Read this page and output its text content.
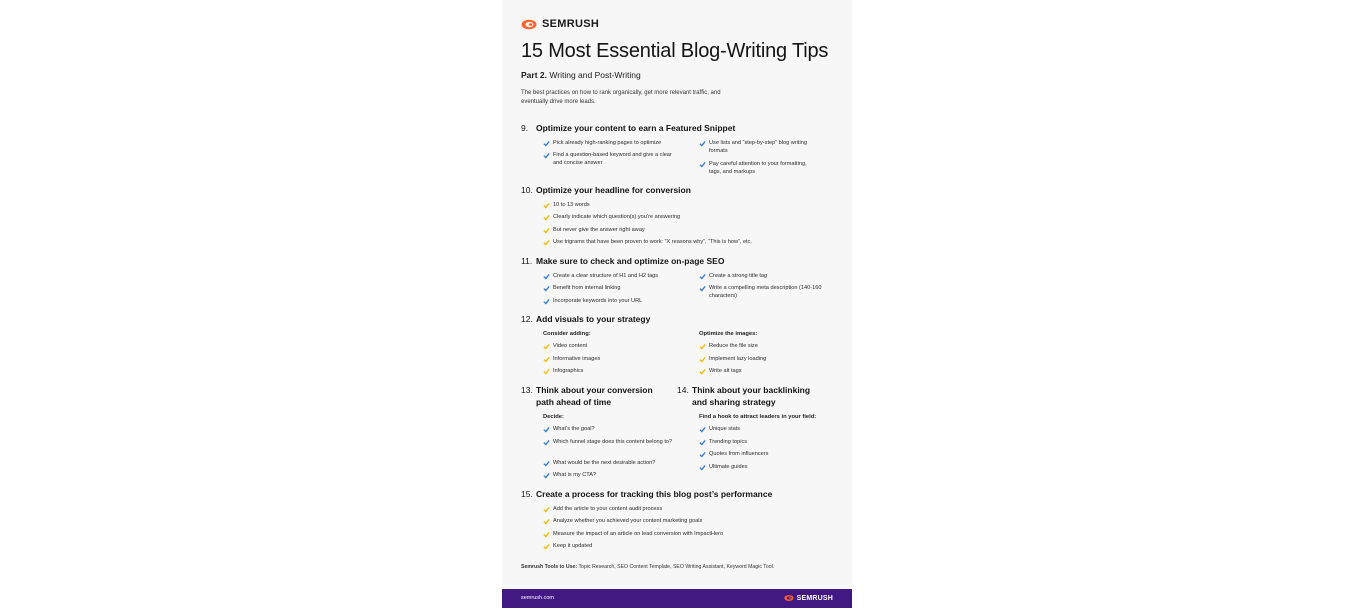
SEMRUSH
15 Most Essential Blog-Writing Tips
Part 2. Writing and Post-Writing
The best practices on how to rank organically, get more relevant traffic, and eventually drive more leads.
9. Optimize your content to earn a Featured Snippet
Pick already high-ranking pages to optimize
Find a question-based keyword and give a clear and concise answer
Use lists and “step-by-step” blog writing formats
Pay careful attention to your formatting, tags, and markups
10. Optimize your headline for conversion
10 to 13 words
Clearly indicate which question(s) you’re answering
But never give the answer right away
Use trigrams that have been proven to work: “X reasons why”, “This is how”, etc.
11. Make sure to check and optimize on-page SEO
Create a clear structure of H1 and H2 tags
Benefit from internal linking
Incorporate keywords into your URL
Create a strong title tag
Write a compelling meta description (140-160 characters)
12. Add visuals to your strategy
Consider adding:	Optimize the images:
Video content
Informative images
Infographics
Reduce the file size
Implement lazy loading
Write alt tags
13. Think about your conversion
path ahead of time
Decide:
What’s the goal?
Which funnel stage does this content belong to?
What would be the next desirable action?
What is my CTA?
14. Think about your backlinking
and sharing strategy
Find a hook to attract leaders in your field:
Unique stats
Trending topics
Quotes from influencers
Ultimate guides
15. Create a process for tracking this blog post’s performance
Add the article to your content audit process
Analyze whether you achieved your content marketing goals
Measure the impact of an article on lead conversion with ImpactHero
Keep it updated
Semrush Tools to Use: Topic Research, SEO Content Template, SEO Writing Assistant, Keyword Magic Tool.
semrush.com	SEMRUSH
